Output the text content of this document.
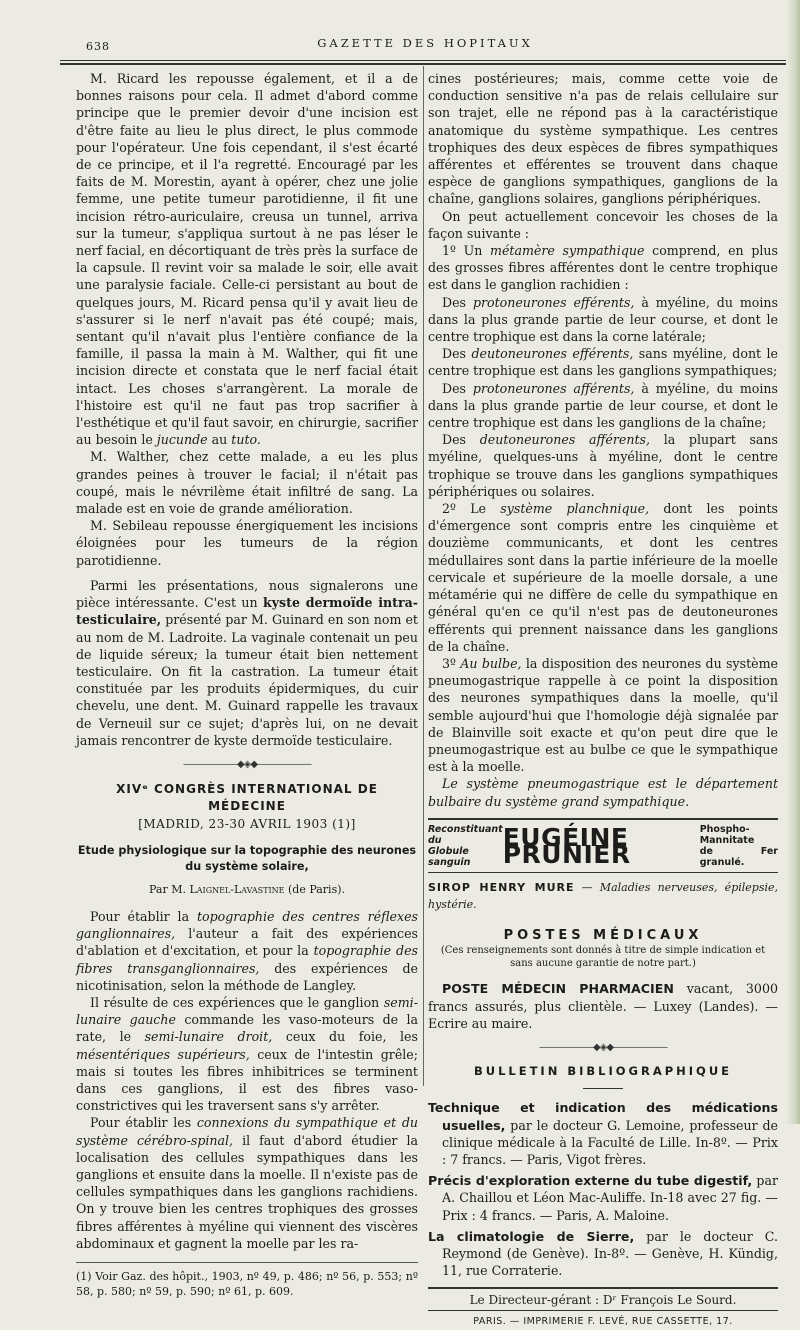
638	GAZETTE DES HOPITAUX

M. Ricard les repousse également, et il a de bonnes raisons pour cela. Il admet d'abord comme principe que le premier devoir d'une incision est d'être faite au lieu le plus direct, le plus commode pour l'opérateur. Une fois cependant, il s'est écarté de ce principe, et il l'a regretté. Encouragé par les faits de M. Morestin, ayant à opérer, chez une jolie femme, une petite tumeur parotidienne, il fit une incision rétro-auriculaire, creusa un tunnel, arriva sur la tumeur, s'appliqua surtout à ne pas léser le nerf facial, en décortiquant de très près la surface de la capsule. Il revint voir sa malade le soir, elle avait une paralysie faciale. Celle-ci persistant au bout de quelques jours, M. Ricard pensa qu'il y avait lieu de s'assurer si le nerf n'avait pas été coupé; mais, sentant qu'il n'avait plus l'entière confiance de la famille, il passa la main à M. Walther, qui fit une incision directe et constata que le nerf facial était intact. Les choses s'arrangèrent. La morale de l'histoire est qu'il ne faut pas trop sacrifier à l'esthétique et qu'il faut savoir, en chirurgie, sacrifier au besoin le jucunde au tuto.

M. Walther, chez cette malade, a eu les plus grandes peines à trouver le facial; il n'était pas coupé, mais le névrilème était infiltré de sang. La malade est en voie de grande amélioration.

M. Sebileau repousse énergiquement les incisions éloignées pour les tumeurs de la région parotidienne.

Parmi les présentations, nous signalerons une pièce intéressante. C'est un kyste dermoïde intra-testiculaire, présenté par M. Guinard en son nom et au nom de M. Ladroite. La vaginale contenait un peu de liquide séreux; la tumeur était bien nettement testiculaire. On fit la castration. La tumeur était constituée par les produits épidermiques, du cuir chevelu, une dent. M. Guinard rappelle les travaux de Verneuil sur ce sujet; d'après lui, on ne devait jamais rencontrer de kyste dermoïde testiculaire.

——————◆◈◆——————
XIVᵉ CONGRÈS INTERNATIONAL DE MÉDECINE
[MADRID, 23-30 AVRIL 1903 (1)]
Etude physiologique sur la topographie des neurones du système solaire,
Par M. Laignel-Lavastine (de Paris).

Pour établir la topographie des centres réflexes ganglionnaires, l'auteur a fait des expériences d'ablation et d'excitation, et pour la topographie des fibres transganglionnaires, des expériences de nicotinisation, selon la méthode de Langley.

Il résulte de ces expériences que le ganglion semi-lunaire gauche commande les vaso-moteurs de la rate, le semi-lunaire droit, ceux du foie, les mésentériques supérieurs, ceux de l'intestin grêle; mais si toutes les fibres inhibitrices se terminent dans ces ganglions, il est des fibres vaso-constrictives qui les traversent sans s'y arrêter.

Pour établir les connexions du sympathique et du système cérébro-spinal, il faut d'abord étudier la localisation des cellules sympathiques dans les ganglions et ensuite dans la moelle. Il n'existe pas de cellules sympathiques dans les ganglions rachidiens. On y trouve bien les centres trophiques des grosses fibres afférentes à myéline qui viennent des viscères abdominaux et gagnent la moelle par les ra-

(1) Voir Gaz. des hôpit., 1903, nº 49, p. 486; nº 56, p. 553; nº 58, p. 580; nº 59, p. 590; nº 61, p. 609.

cines postérieures; mais, comme cette voie de conduction sensitive n'a pas de relais cellulaire sur son trajet, elle ne répond pas à la caractéristique anatomique du système sympathique. Les centres trophiques des deux espèces de fibres sympathiques afférentes et efférentes se trouvent dans chaque espèce de ganglions sympathiques, ganglions de la chaîne, ganglions solaires, ganglions périphériques.

On peut actuellement concevoir les choses de la façon suivante :

1º Un métamère sympathique comprend, en plus des grosses fibres afférentes dont le centre trophique est dans le ganglion rachidien :

Des protoneurones efférents, à myéline, du moins dans la plus grande partie de leur course, et dont le centre trophique est dans la corne latérale;

Des deutoneurones efférents, sans myéline, dont le centre trophique est dans les ganglions sympathiques;

Des protoneurones afférents, à myéline, du moins dans la plus grande partie de leur course, et dont le centre trophique est dans les ganglions de la chaîne;

Des deutoneurones afférents, la plupart sans myéline, quelques-uns à myéline, dont le centre trophique se trouve dans les ganglions sympathiques périphériques ou solaires.

2º Le système planchnique, dont les points d'émergence sont compris entre les cinquième et douzième communicants, et dont les centres médullaires sont dans la partie inférieure de la moelle cervicale et supérieure de la moelle dorsale, a une métamérie qui ne diffère de celle du sympathique en général qu'en ce qu'il n'est pas de deutoneurones efférents qui prennent naissance dans les ganglions de la chaîne.

3º Au bulbe, la disposition des neurones du système pneumogastrique rappelle à ce point la disposition des neurones sympathiques dans la moelle, qu'il semble aujourd'hui que l'homologie déjà signalée par de Blainville soit exacte et qu'on peut dire que le pneumogastrique est au bulbe ce que le sympathique est à la moelle.

Le système pneumogastrique est le département bulbaire du système grand sympathique.

Reconstituant du
Globule sanguin
EUGÉINE PRUNIER
Phospho-Mannitate
de Fer granulé.

SIROP HENRY MURE — Maladies nerveuses, épilepsie, hystérie.

POSTES MÉDICAUX

(Ces renseignements sont donnés à titre de simple indication et sans aucune garantie de notre part.)

POSTE MÉDECIN PHARMACIEN vacant, 3000 francs assurés, plus clientèle. — Luxey (Landes). — Ecrire au maire.

——————◆◈◆——————
BULLETIN BIBLIOGRAPHIQUE

Technique et indication des médications usuelles, par le docteur G. Lemoine, professeur de clinique médicale à la Faculté de Lille. In-8º. — Prix : 7 francs. — Paris, Vigot frères.

Précis d'exploration externe du tube digestif, par A. Chaillou et Léon Mac-Auliffe. In-18 avec 27 fig. — Prix : 4 francs. — Paris, A. Maloine.

La climatologie de Sierre, par le docteur C. Reymond (de Genève). In-8º. — Genève, H. Kündig, 11, rue Corraterie.

Le Directeur-gérant : Dʳ François Le Sourd.

PARIS. — IMPRIMERIE F. LEVÉ, RUE CASSETTE, 17.
